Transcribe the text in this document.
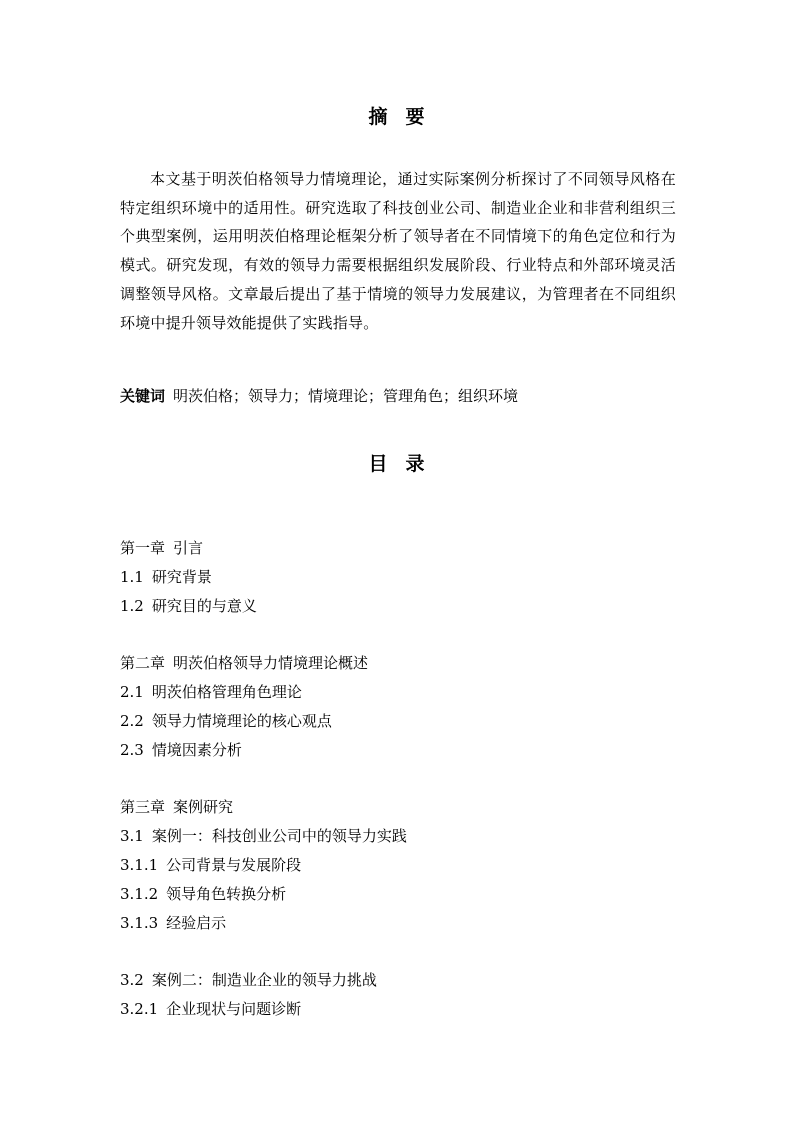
摘要
本文基于明茨伯格领导力情境理论，通过实际案例分析探讨了不同领导风格在特定组织环境中的适用性。研究选取了科技创业公司、制造业企业和非营利组织三个典型案例，运用明茨伯格理论框架分析了领导者在不同情境下的角色定位和行为模式。研究发现，有效的领导力需要根据组织发展阶段、行业特点和外部环境灵活调整领导风格。文章最后提出了基于情境的领导力发展建议，为管理者在不同组织环境中提升领导效能提供了实践指导。
关键词 明茨伯格；领导力；情境理论；管理角色；组织环境
目录
第一章 引言
1.1 研究背景
1.2 研究目的与意义
第二章 明茨伯格领导力情境理论概述
2.1 明茨伯格管理角色理论
2.2 领导力情境理论的核心观点
2.3 情境因素分析
第三章 案例研究
3.1 案例一：科技创业公司中的领导力实践
3.1.1 公司背景与发展阶段
3.1.2 领导角色转换分析
3.1.3 经验启示
3.2 案例二：制造业企业的领导力挑战
3.2.1 企业现状与问题诊断
